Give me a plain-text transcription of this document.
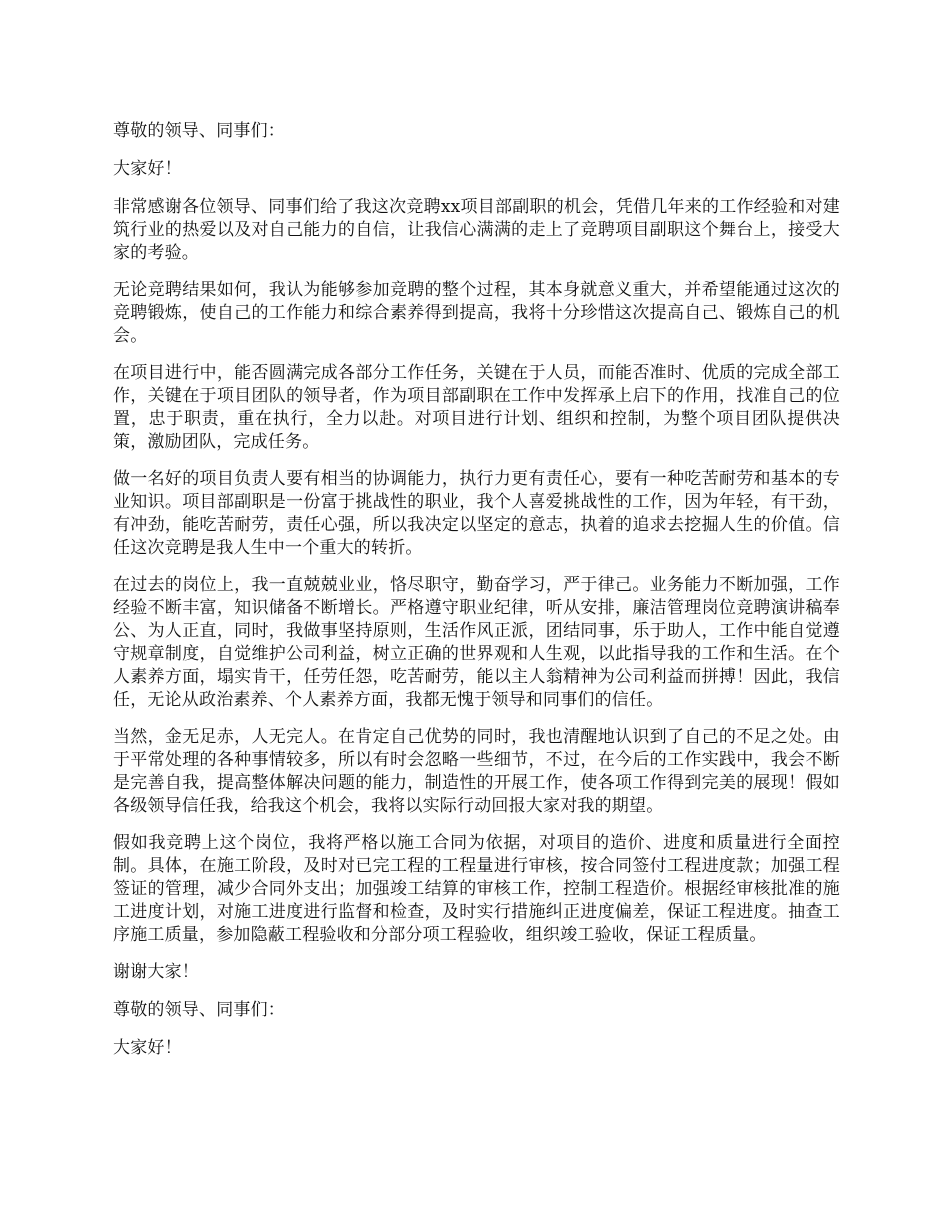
尊敬的领导、同事们：

大家好！

非常感谢各位领导、同事们给了我这次竞聘xx项目部副职的机会，凭借几年来的工作经验和对建筑行业的热爱以及对自己能力的自信，让我信心满满的走上了竞聘项目副职这个舞台上，接受大家的考验。

无论竞聘结果如何，我认为能够参加竞聘的整个过程，其本身就意义重大，并希望能通过这次的竞聘锻炼，使自己的工作能力和综合素养得到提高，我将十分珍惜这次提高自己、锻炼自己的机会。

在项目进行中，能否圆满完成各部分工作任务，关键在于人员，而能否准时、优质的完成全部工作，关键在于项目团队的领导者，作为项目部副职在工作中发挥承上启下的作用，找准自己的位置，忠于职责，重在执行，全力以赴。对项目进行计划、组织和控制，为整个项目团队提供决策，激励团队，完成任务。

做一名好的项目负责人要有相当的协调能力，执行力更有责任心，要有一种吃苦耐劳和基本的专业知识。项目部副职是一份富于挑战性的职业，我个人喜爱挑战性的工作，因为年轻，有干劲，有冲劲，能吃苦耐劳，责任心强，所以我决定以坚定的意志，执着的追求去挖掘人生的价值。信任这次竞聘是我人生中一个重大的转折。

在过去的岗位上，我一直兢兢业业，恪尽职守，勤奋学习，严于律己。业务能力不断加强，工作经验不断丰富，知识储备不断增长。严格遵守职业纪律，听从安排，廉洁管理岗位竞聘演讲稿奉公、为人正直，同时，我做事坚持原则，生活作风正派，团结同事，乐于助人，工作中能自觉遵守规章制度，自觉维护公司利益，树立正确的世界观和人生观，以此指导我的工作和生活。在个人素养方面，塌实肯干，任劳任怨，吃苦耐劳，能以主人翁精神为公司利益而拼搏！因此，我信任，无论从政治素养、个人素养方面，我都无愧于领导和同事们的信任。

当然，金无足赤，人无完人。在肯定自己优势的同时，我也清醒地认识到了自己的不足之处。由于平常处理的各种事情较多，所以有时会忽略一些细节，不过，在今后的工作实践中，我会不断是完善自我，提高整体解决问题的能力，制造性的开展工作，使各项工作得到完美的展现！假如各级领导信任我，给我这个机会，我将以实际行动回报大家对我的期望。

假如我竞聘上这个岗位，我将严格以施工合同为依据，对项目的造价、进度和质量进行全面控制。具体，在施工阶段，及时对已完工程的工程量进行审核，按合同签付工程进度款；加强工程签证的管理，减少合同外支出；加强竣工结算的审核工作，控制工程造价。根据经审核批准的施工进度计划，对施工进度进行监督和检查，及时实行措施纠正进度偏差，保证工程进度。抽查工序施工质量，参加隐蔽工程验收和分部分项工程验收，组织竣工验收，保证工程质量。

谢谢大家！

尊敬的领导、同事们：

大家好！
